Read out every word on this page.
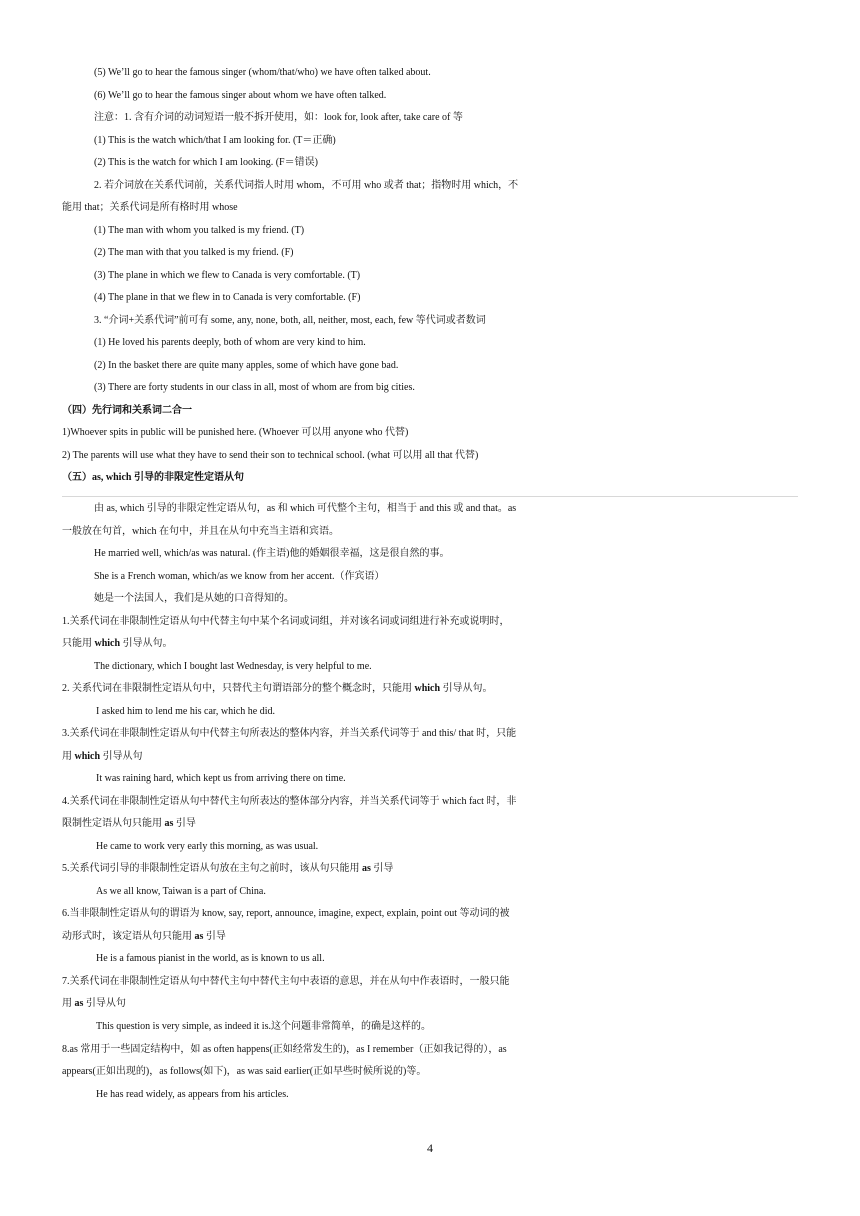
(5) We’ll go to hear the famous singer (whom/that/who) we have often talked about.
(6) We’ll go to hear the famous singer about whom we have often talked.
注意：1. 含有介词的动词短语一般不拆开使用，如：look for, look after, take care of 等
(1) This is the watch which/that I am looking for. (T＝正确)
(2) This is the watch for which I am looking. (F＝错误)
2. 若介词放在关系代词前，关系代词指人时用 whom，不可用 who 或者 that；指物时用 which，不
能用 that；关系代词是所有格时用 whose
(1) The man with whom you talked is my friend. (T)
(2) The man with that you talked is my friend. (F)
(3) The plane in which we flew to Canada is very comfortable. (T)
(4) The plane in that we flew in to Canada is very comfortable. (F)
3. “介词+关系代词”前可有 some, any, none, both, all, neither, most, each, few 等代词或者数词
(1) He loved his parents deeply, both of whom are very kind to him.
(2) In the basket there are quite many apples, some of which have gone bad.
(3) There are forty students in our class in all, most of whom are from big cities.
（四）先行词和关系词二合一
1)Whoever spits in public will be punished here. (Whoever 可以用 anyone who 代替)
2) The parents will use what they have to send their son to technical school. (what 可以用 all that 代替)
（五）as, which 引导的非限定性定语从句
由 as, which 引导的非限定性定语从句，as 和 which 可代整个主句，相当于 and this 或 and that。as
一般放在句首，which 在句中，并且在从句中充当主语和宾语。
He married well, which/as was natural. (作主语)他的婚姻很幸福，这是很自然的事。
She is a French woman, which/as we know from her accent.（作宾语）
她是一个法国人，我们是从她的口音得知的。
1.关系代词在非限制性定语从句中代替主句中某个名词或词组，并对该名词或词组进行补充或说明时，
只能用 which 引导从句。
The dictionary, which I bought last Wednesday, is very helpful to me.
2. 关系代词在非限制性定语从句中，只替代主句谓语部分的整个概念时，只能用 which 引导从句。
I asked him to lend me his car, which he did.
3.关系代词在非限制性定语从句中代替主句所表达的整体内容，并当关系代词等于 and this/ that 时，只能
用 which 引导从句
It was raining hard, which kept us from arriving there on time.
4.关系代词在非限制性定语从句中替代主句所表达的整体部分内容，并当关系代词等于 which fact 时，非
限制性定语从句只能用 as 引导
He came to work very early this morning, as was usual.
5.关系代词引导的非限制性定语从句放在主句之前时，该从句只能用 as 引导
As we all know, Taiwan is a part of China.
6.当非限制性定语从句的谓语为 know, say, report, announce, imagine, expect, explain, point out 等动词的被
动形式时，该定语从句只能用 as 引导
He is a famous pianist in the world, as is known to us all.
7.关系代词在非限制性定语从句中替代主句中替代主句中表语的意思，并在从句中作表语时，一般只能
用 as 引导从句
This question is very simple, as indeed it is.这个问题非常简单，的确是这样的。
8.as 常用于一些固定结构中，如 as often happens(正如经常发生的)，as I remember（正如我记得的），as
appears(正如出现的)，as follows(如下)，as was said earlier(正如早些时候所说的)等。
He has read widely, as appears from his articles.
4
